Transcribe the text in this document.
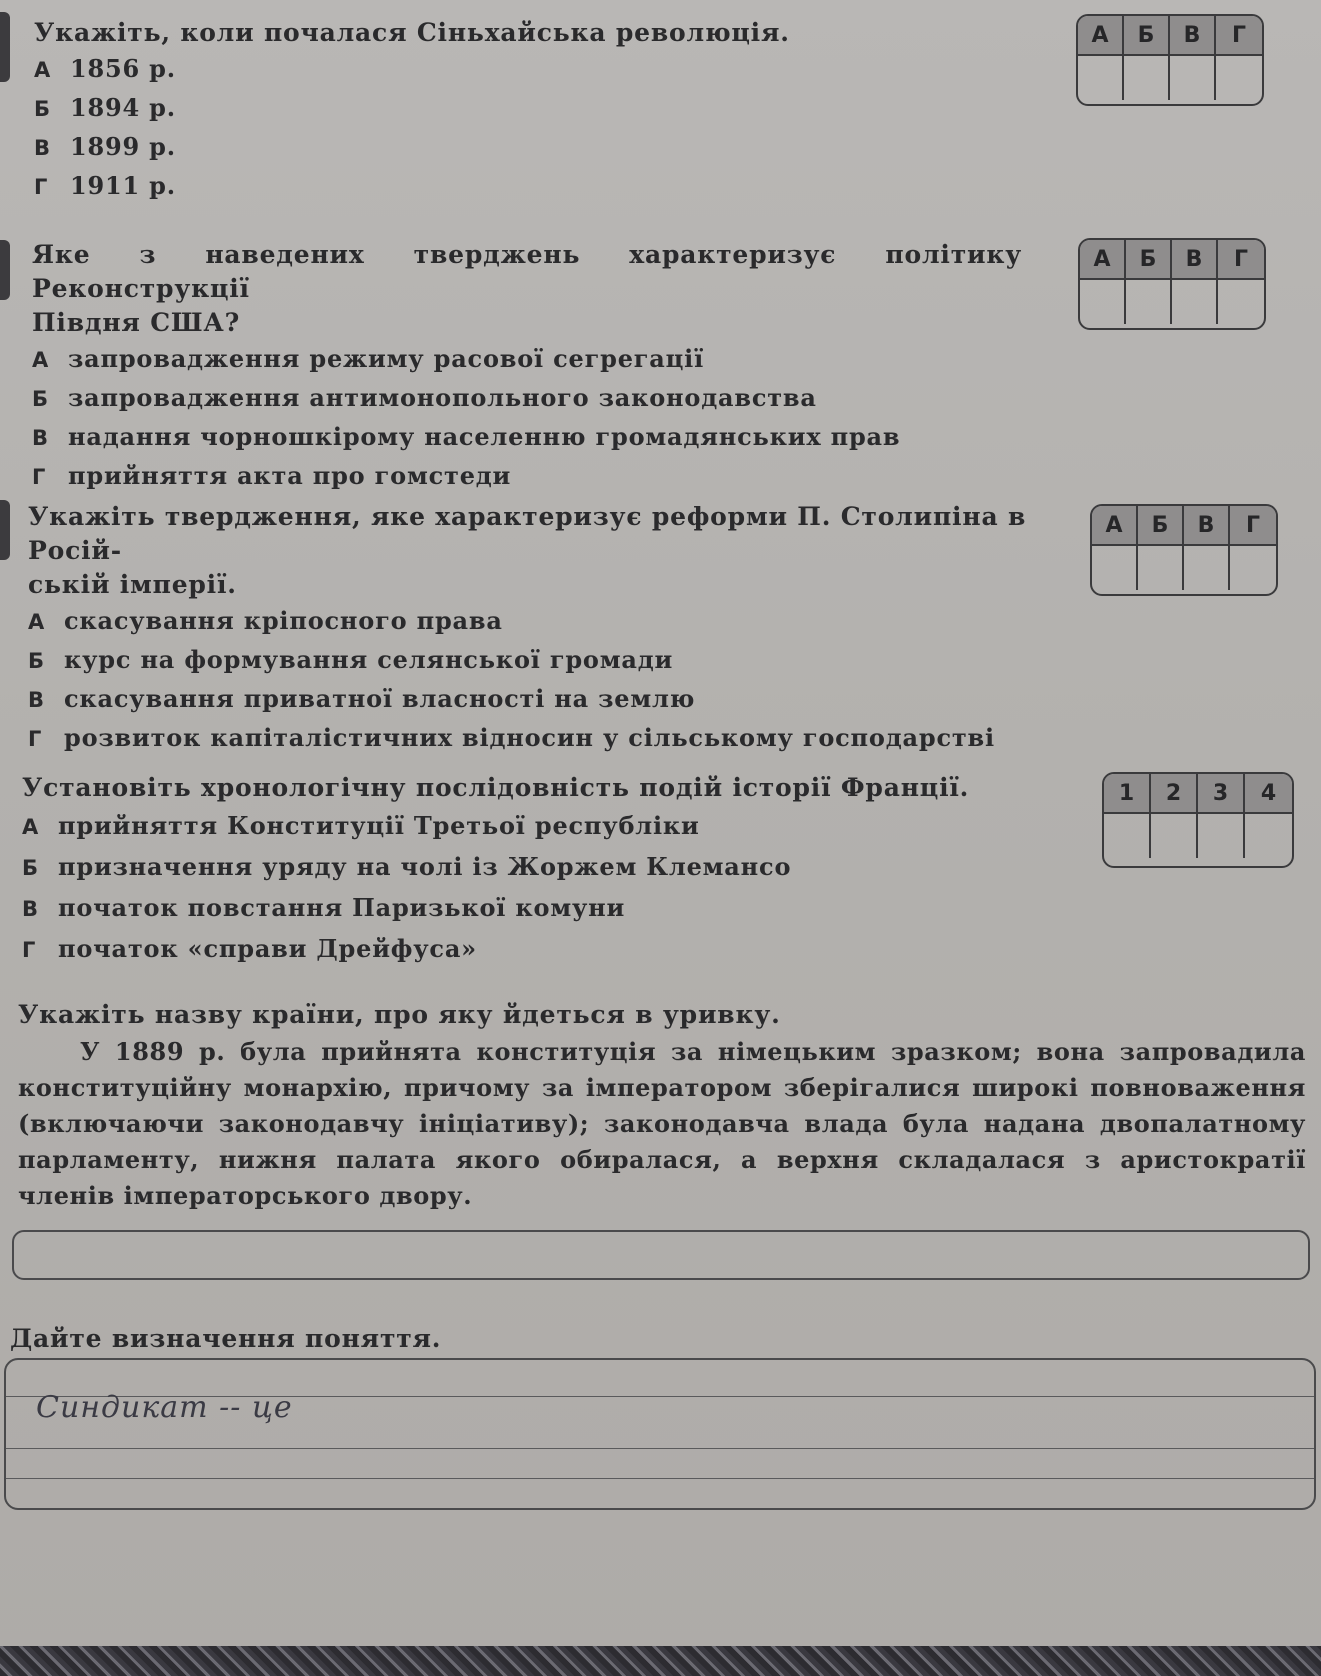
Укажіть, коли почалася Сіньхайська революція.

А 1856 р.
Б 1894 р.
В 1899 р.
Г 1911 р.
А	Б	В	Г

Яке з наведених тверджень характеризує політику Реконструкції

Півдня США?

А запровадження режиму расової сегрегації
Б запровадження антимонопольного законодавства
В надання чорношкірому населенню громадянських прав
Г прийняття акта про гомстеди
А	Б	В	Г

Укажіть твердження, яке характеризує реформи П. Столипіна в Росій-

ській імперії.

А скасування кріпосного права
Б курс на формування селянської громади
В скасування приватної власності на землю
Г розвиток капіталістичних відносин у сільському господарстві
А	Б	В	Г

Установіть хронологічну послідовність подій історії Франції.

А прийняття Конституції Третьої республіки
Б призначення уряду на чолі із Жоржем Клемансо
В початок повстання Паризької комуни
Г початок «справи Дрейфуса»
1	2	3	4

Укажіть назву країни, про яку йдеться в уривку.

У 1889 р. була прийнята конституція за німецьким зразком; вона запровадила конституційну монархію, причому за імператором зберігалися широкі повноваження (включаючи законодавчу ініціативу); законодавча влада була надана двопалатному парламенту, нижня палата якого обиралася, а верхня складалася з аристократії членів імператорського двору.

Дайте визначення поняття.

Синдикат -- це
